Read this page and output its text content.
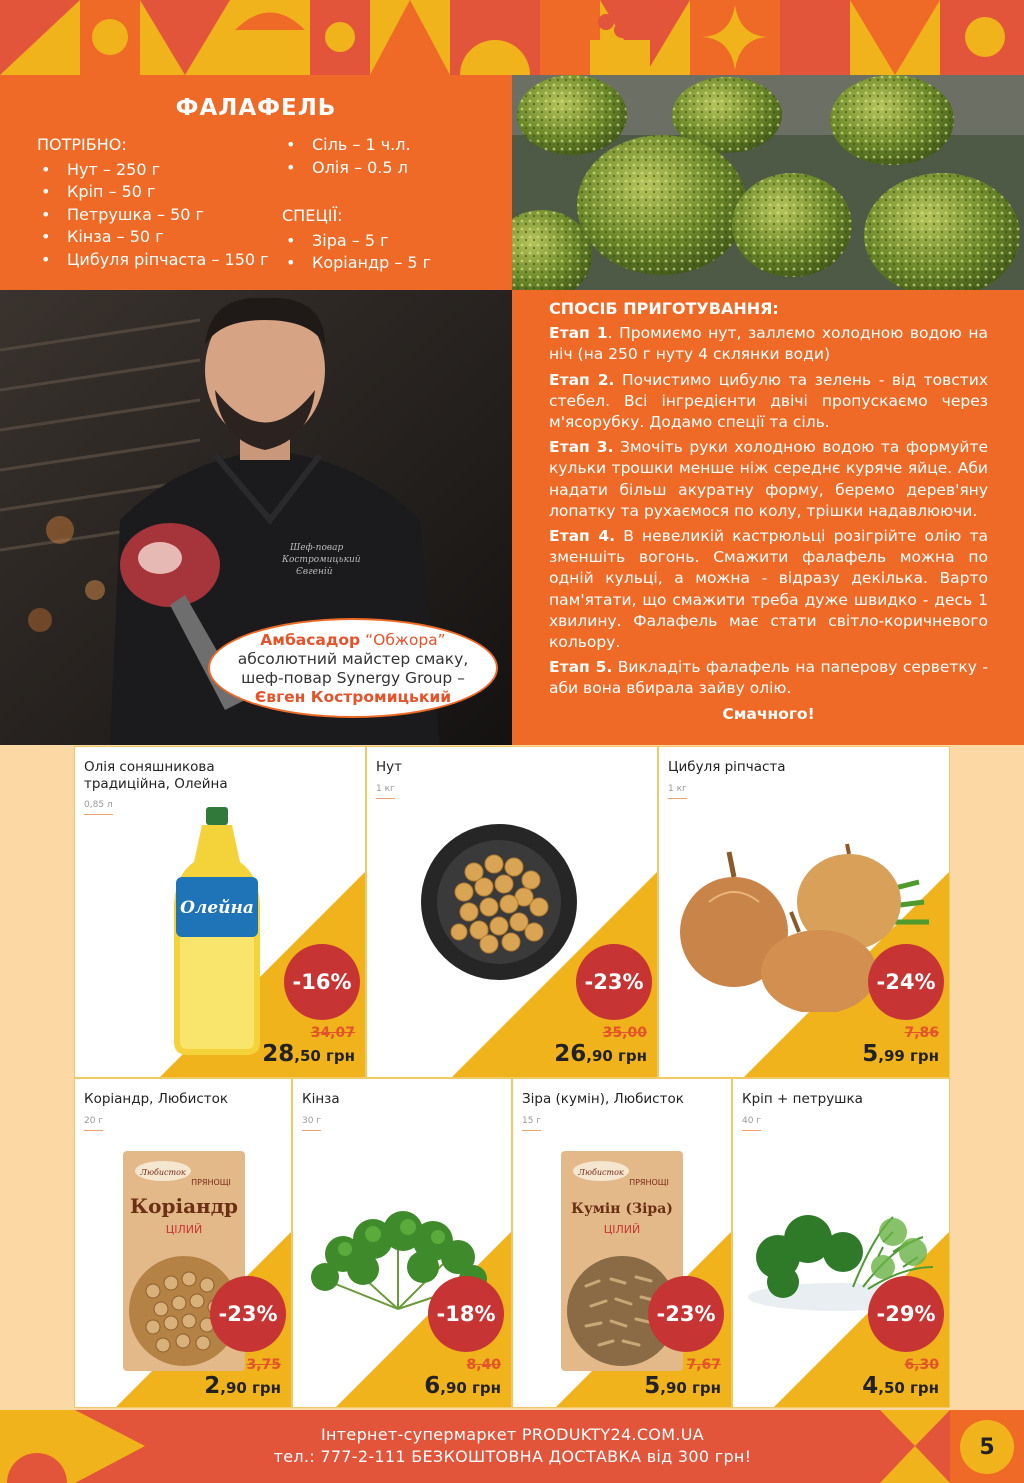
ФАЛАФЕЛЬ
ПОТРІБНО:
• Нут – 250 г
• Кріп – 50 г
• Петрушка – 50 г
• Кінза – 50 г
• Цибуля ріпчаста – 150 г
• Сіль – 1 ч.л.
• Олія – 0.5 л
СПЕЦІЇ:
• Зіра – 5 г
• Коріандр – 5 г
Шеф-повар Костромицький Євгеній
Амбасадор “Обжора”
абсолютний майстер смаку,
шеф-повар Synergy Group –
Євген Костромицький
СПОСІБ ПРИГОТУВАННЯ:

Етап 1. Промиємо нут, заллємо холодною водою на ніч (на 250 г нуту 4 склянки води)

Етап 2. Почистимо цибулю та зелень - від товстих стебел. Всі інгредієнти двічі пропускаємо через м'ясорубку. Додамо спеції та сіль.

Етап 3. Змочіть руки холодною водою та формуйте кульки трошки менше ніж середнє куряче яйце. Аби надати більш акуратну форму, беремо дерев'яну лопатку та рухаємося по колу, трішки надавлюючи.

Етап 4. В невеликій кастрюльці розігрійте олію та зменшіть вогонь. Смажити фалафель можна по одній кульці, а можна - відразу декілька. Варто пам'ятати, що смажити треба дуже швидко - десь 1 хвилину. Фалафель має стати світло-коричневого кольору.

Етап 5. Викладіть фалафель на паперову серветку - аби вона вбирала зайву олію.

Смачного!
Олія соняшникова традиційна, Олейна
0,85 л
Олейна
-16%
34,07
28,50 грн
Нут
1 кг
-23%
35,00
26,90 грн
Цибуля ріпчаста
1 кг
-24%
7,86
5,99 грн
Коріандр, Любисток
20 г
Любисток
ПРЯНОЩІ
Коріандр
ЦІЛИЙ
-23%
3,75
2,90 грн
Кінза
30 г
-18%
8,40
6,90 грн
Зіра (кумін), Любисток
15 г
Любисток
ПРЯНОЩІ
Кумін (Зіра)
ЦІЛИЙ
-23%
7,67
5,90 грн
Кріп + петрушка
40 г
-29%
6,30
4,50 грн
Інтернет-супермаркет PRODUKTY24.COM.UA
тел.: 777-2-111 БЕЗКОШТОВНА ДОСТАВКА від 300 грн!	5
